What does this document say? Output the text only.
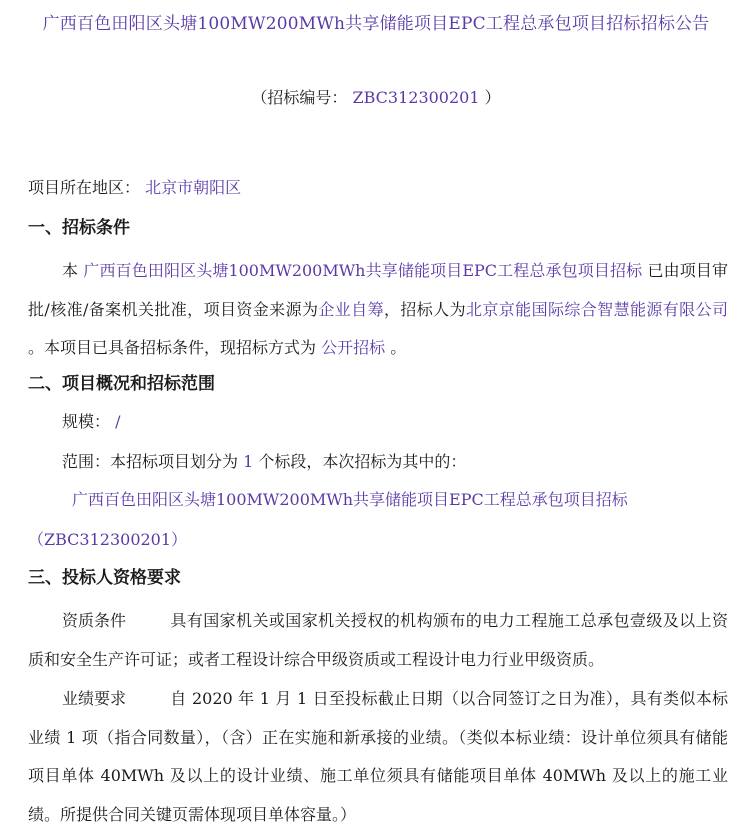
广西百色田阳区头塘100MW200MWh共享储能项目EPC工程总承包项目招标招标公告
（招标编号： ZBC312300201 ）
项目所在地区： 北京市朝阳区
一、招标条件
本 广西百色田阳区头塘100MW200MWh共享储能项目EPC工程总承包项目招标 已由项目审批/核准/备案机关批准，项目资金来源为企业自筹，招标人为北京京能国际综合智慧能源有限公司 。本项目已具备招标条件，现招标方式为 公开招标 。
二、项目概况和招标范围
规模： /
范围：本招标项目划分为 1 个标段，本次招标为其中的：
广西百色田阳区头塘100MW200MWh共享储能项目EPC工程总承包项目招标
（ZBC312300201）
三、投标人资格要求
资质条件	具有国家机关或国家机关授权的机构颁布的电力工程施工总承包壹级及以上资质和安全生产许可证；或者工程设计综合甲级资质或工程设计电力行业甲级资质。
业绩要求	自 2020 年 1 月 1 日至投标截止日期（以合同签订之日为准），具有类似本标业绩 1 项（指合同数量），（含）正在实施和新承接的业绩。（类似本标业绩：设计单位须具有储能项目单体 40MWh 及以上的设计业绩、施工单位须具有储能项目单体 40MWh 及以上的施工业绩。所提供合同关键页需体现项目单体容量。）
